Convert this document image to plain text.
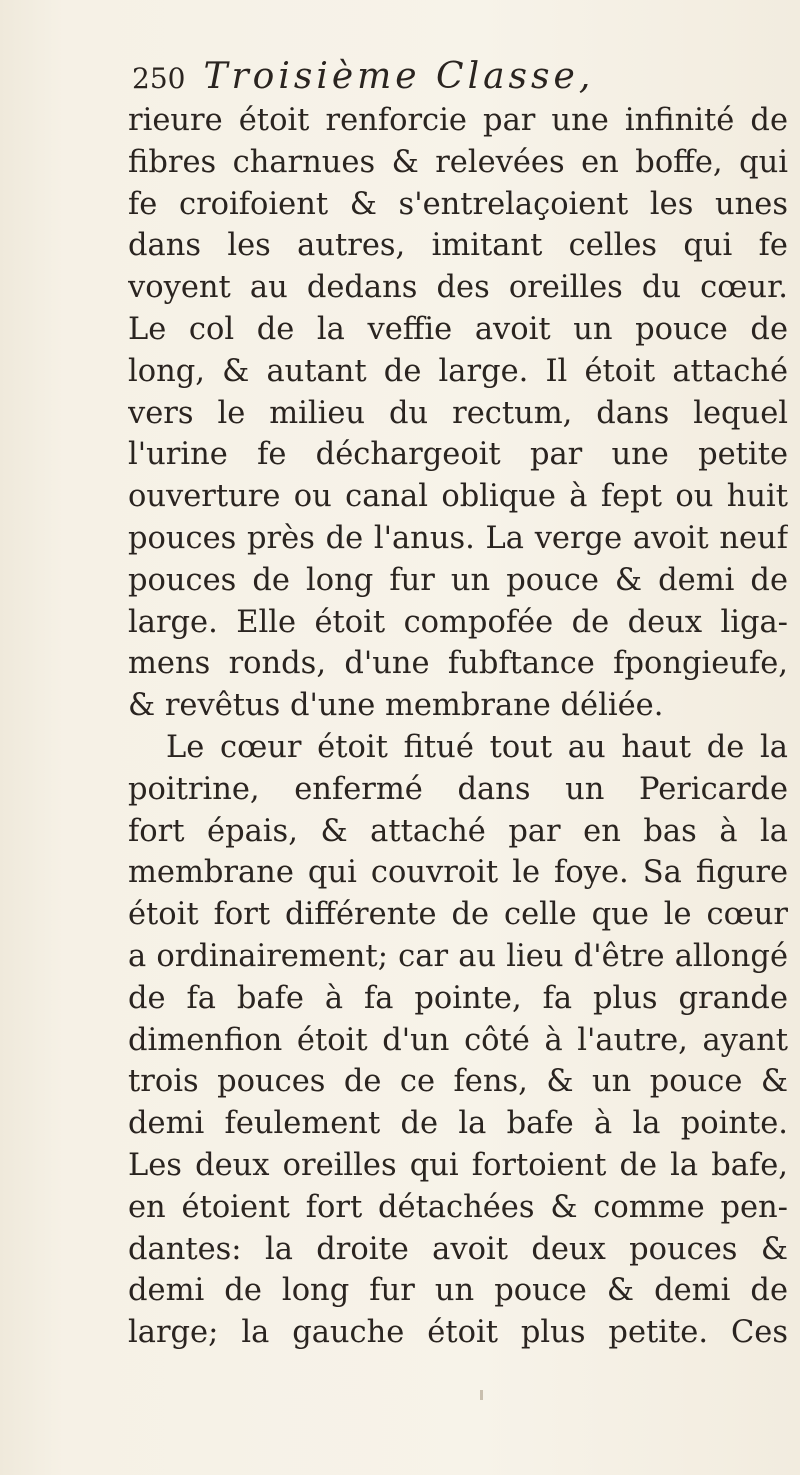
250 Troisième Classe,
rieure étoit renforcie par une infinité de
fibres charnues & relevées en boffe, qui
fe croifoient & s'entrelaçoient les unes
dans les autres, imitant celles qui fe
voyent au dedans des oreilles du cœur.
Le col de la veffie avoit un pouce de
long, & autant de large. Il étoit attaché
vers le milieu du rectum, dans lequel
l'urine fe déchargeoit par une petite
ouverture ou canal oblique à fept ou huit
pouces près de l'anus. La verge avoit neuf
pouces de long fur un pouce & demi de
large. Elle étoit compofée de deux liga-
mens ronds, d'une fubftance fpongieufe,
& revêtus d'une membrane déliée.
Le cœur étoit fitué tout au haut de la
poitrine, enfermé dans un Pericarde
fort épais, & attaché par en bas à la
membrane qui couvroit le foye. Sa figure
étoit fort différente de celle que le cœur
a ordinairement; car au lieu d'être allongé
de fa bafe à fa pointe, fa plus grande
dimenfion étoit d'un côté à l'autre, ayant
trois pouces de ce fens, & un pouce &
demi feulement de la bafe à la pointe.
Les deux oreilles qui fortoient de la bafe,
en étoient fort détachées & comme pen-
dantes: la droite avoit deux pouces &
demi de long fur un pouce & demi de
large; la gauche étoit plus petite. Ces
